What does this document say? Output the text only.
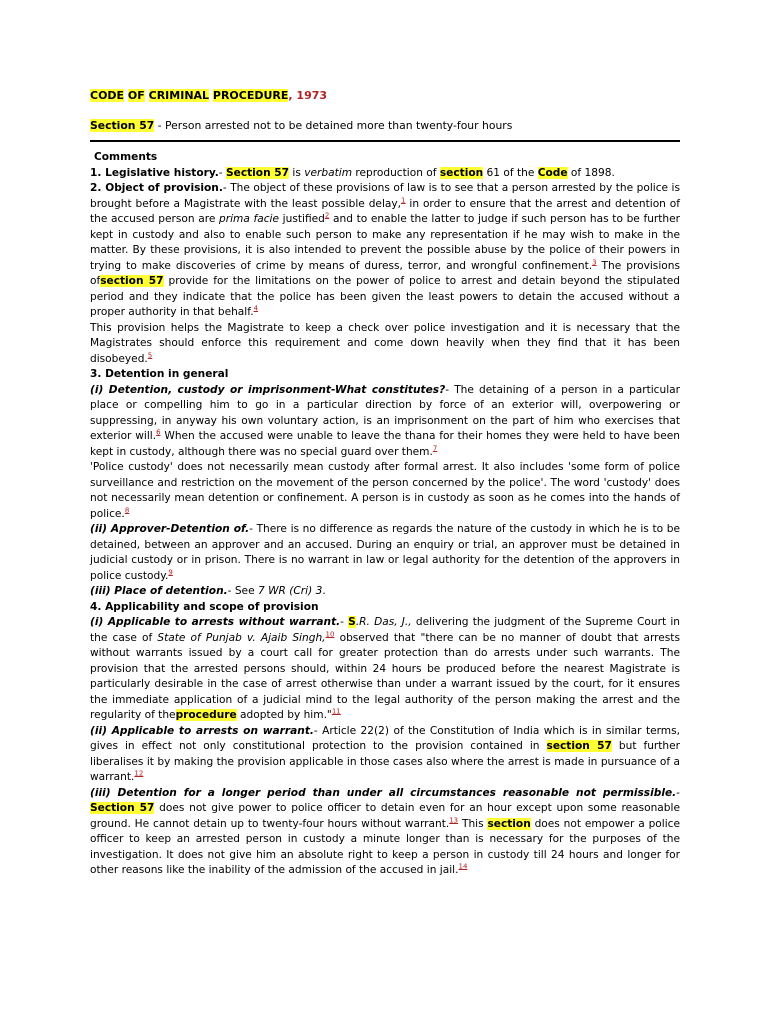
CODE OF CRIMINAL PROCEDURE, 1973

Section 57 - Person arrested not to be detained more than twenty-four hours

Comments

1. Legislative history.- Section 57 is verbatim reproduction of section 61 of the Code of 1898.

2. Object of provision.- The object of these provisions of law is to see that a person arrested by the police is brought before a Magistrate with the least possible delay,$^1$ in order to ensure that the arrest and detention of the accused person are prima facie justified$^2$ and to enable the latter to judge if such person has to be further kept in custody and also to enable such person to make any representation if he may wish to make in the matter. By these provisions, it is also intended to prevent the possible abuse by the police of their powers in trying to make discoveries of crime by means of duress, terror, and wrongful confinement.$^3$ The provisions ofsection 57 provide for the limitations on the power of police to arrest and detain beyond the stipulated period and they indicate that the police has been given the least powers to detain the accused without a proper authority in that behalf.$^4$

This provision helps the Magistrate to keep a check over police investigation and it is necessary that the Magistrates should enforce this requirement and come down heavily when they find that it has been disobeyed.$^5$

3. Detention in general

(i) Detention, custody or imprisonment-What constitutes?- The detaining of a person in a particular place or compelling him to go in a particular direction by force of an exterior will, overpowering or suppressing, in anyway his own voluntary action, is an imprisonment on the part of him who exercises that exterior will.$^6$ When the accused were unable to leave the thana for their homes they were held to have been kept in custody, although there was no special guard over them.$^7$

'Police custody' does not necessarily mean custody after formal arrest. It also includes 'some form of police surveillance and restriction on the movement of the person concerned by the police'. The word 'custody' does not necessarily mean detention or confinement. A person is in custody as soon as he comes into the hands of police.$^8$

(ii) Approver-Detention of.- There is no difference as regards the nature of the custody in which he is to be detained, between an approver and an accused. During an enquiry or trial, an approver must be detained in judicial custody or in prison. There is no warrant in law or legal authority for the detention of the approvers in police custody.$^9$

(iii) Place of detention.- See 7 WR (Cri) 3.

4. Applicability and scope of provision

(i) Applicable to arrests without warrant.- S.R. Das, J., delivering the judgment of the Supreme Court in the case of State of Punjab v. Ajaib Singh,$^{10}$ observed that "there can be no manner of doubt that arrests without warrants issued by a court call for greater protection than do arrests under such warrants. The provision that the arrested persons should, within 24 hours be produced before the nearest Magistrate is particularly desirable in the case of arrest otherwise than under a warrant issued by the court, for it ensures the immediate application of a judicial mind to the legal authority of the person making the arrest and the regularity of theprocedure adopted by him."$^{11}$

(ii) Applicable to arrests on warrant.- Article 22(2) of the Constitution of India which is in similar terms, gives in effect not only constitutional protection to the provision contained in section 57 but further liberalises it by making the provision applicable in those cases also where the arrest is made in pursuance of a warrant.$^{12}$

(iii) Detention for a longer period than under all circumstances reasonable not permissible.- Section 57 does not give power to police officer to detain even for an hour except upon some reasonable ground. He cannot detain up to twenty-four hours without warrant.$^{13}$ This section does not empower a police officer to keep an arrested person in custody a minute longer than is necessary for the purposes of the investigation. It does not give him an absolute right to keep a person in custody till 24 hours and longer for other reasons like the inability of the admission of the accused in jail.$^{14}$
